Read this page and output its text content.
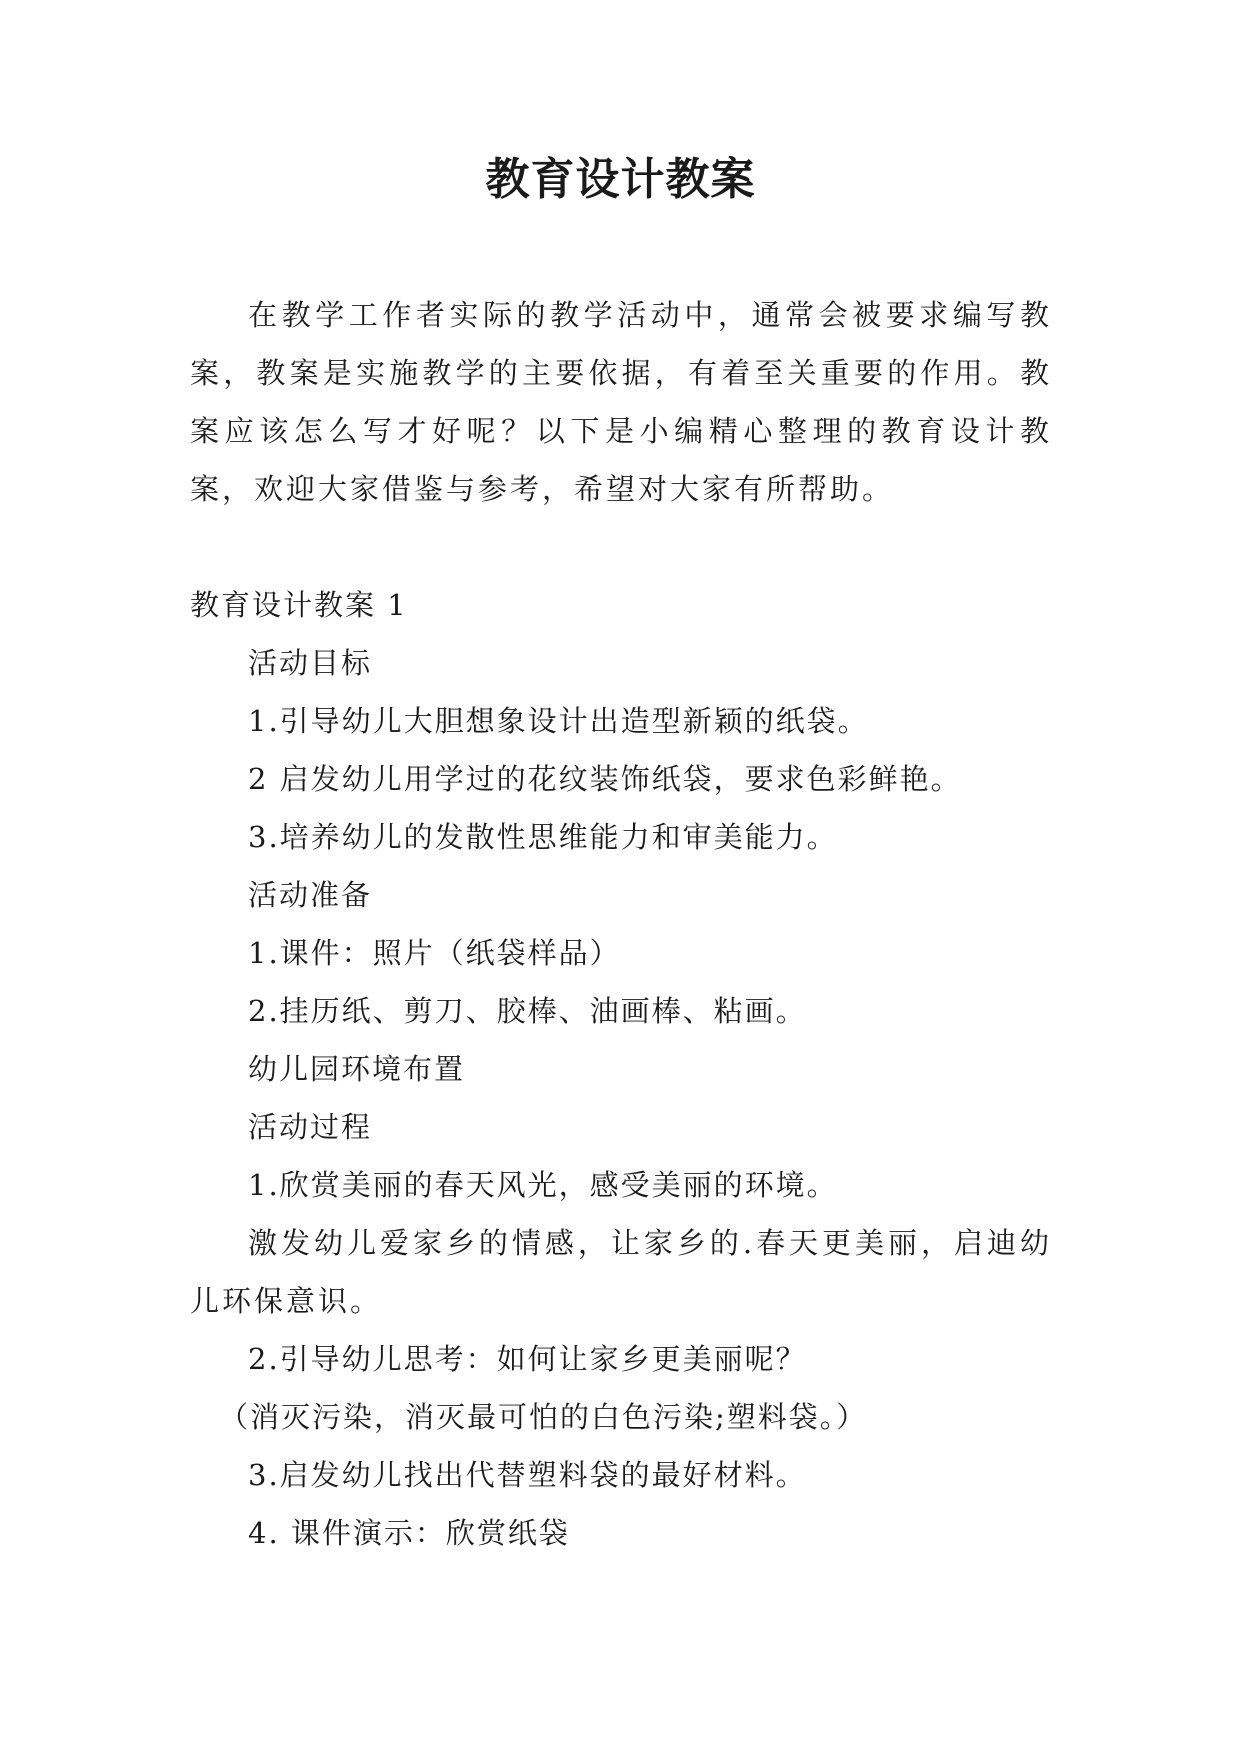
教育设计教案

在教学工作者实际的教学活动中，通常会被要求编写教案，教案是实施教学的主要依据，有着至关重要的作用。教案应该怎么写才好呢？以下是小编精心整理的教育设计教案，欢迎大家借鉴与参考，希望对大家有所帮助。

教育设计教案 1

活动目标

1.引导幼儿大胆想象设计出造型新颖的纸袋。

2 启发幼儿用学过的花纹装饰纸袋，要求色彩鲜艳。

3.培养幼儿的发散性思维能力和审美能力。

活动准备

1.课件：照片（纸袋样品）

2.挂历纸、剪刀、胶棒、油画棒、粘画。

幼儿园环境布置

活动过程

1.欣赏美丽的春天风光，感受美丽的环境。

激发幼儿爱家乡的情感，让家乡的.春天更美丽，启迪幼儿环保意识。

2.引导幼儿思考：如何让家乡更美丽呢？

（消灭污染，消灭最可怕的白色污染;塑料袋。）

3.启发幼儿找出代替塑料袋的最好材料。

4. 课件演示：欣赏纸袋
